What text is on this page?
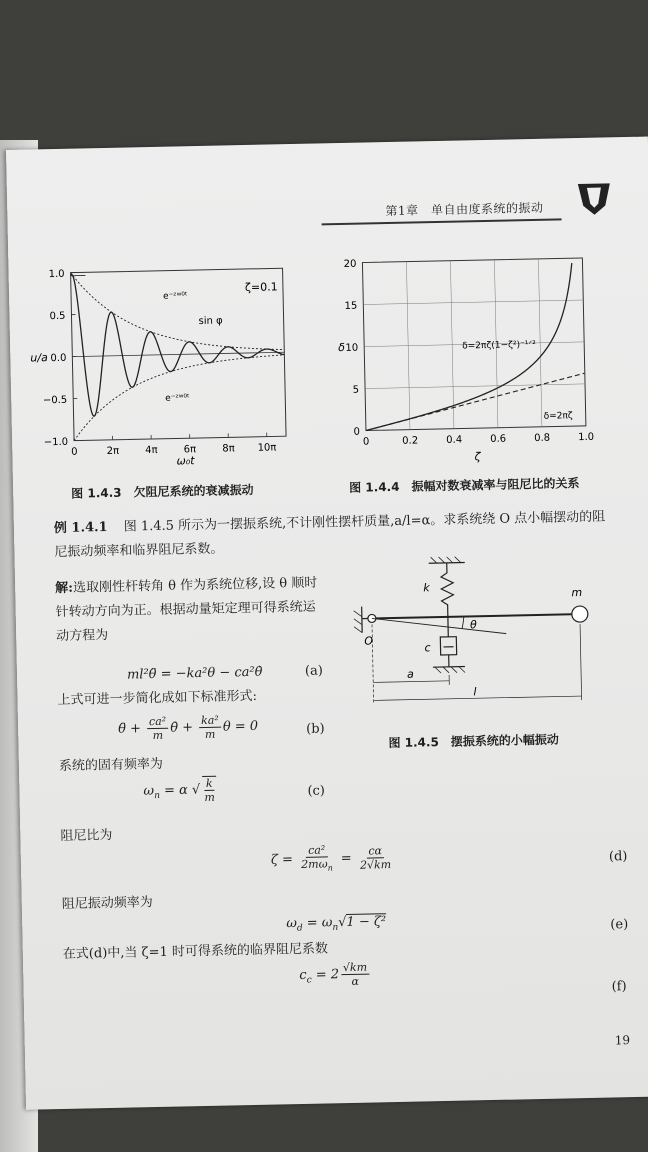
第1章　单自由度系统的振动
1.0
0.5
0.0
−0.5
−1.0
0	2π	4π	6π	8π 10π
u/a
ω₀t
ζ=0.1
e⁻ᶻʷ⁰ᵗ
e⁻ᶻʷ⁰ᵗ
sin φ
图 1.4.3　欠阻尼系统的衰减振动
20
15
10
5
0
0	0.2	0.4	0.6	0.8	1.0
δ
ζ
δ=2πζ(1−ζ²)⁻¹ᐟ²
δ=2πζ
图 1.4.4　振幅对数衰减率与阻尼比的关系
例 1.4.1 图 1.4.5 所示为一摆振系统,不计刚性摆杆质量,a/l=α。求系统绕 O 点小幅摆动的阻尼振动频率和临界阻尼系数。
解:选取刚性杆转角 θ 作为系统位移,设 θ 顺时针转动方向为正。根据动量矩定理可得系统运动方程为
ml²θ̈ = −ka²θ − ca²θ̇	(a)
上式可进一步简化成如下标准形式:
θ̈ + $\frac{\text{ca²}}{m}$ θ̇ + $\frac{\text{ka²}}{m}$ θ = 0	(b)
系统的固有频率为
$\omega_n = \alpha$ √ $\frac{k}{m}$	(c)
阻尼比为
$\zeta = \frac{\text{ca²}}{2m\omega_n} = \frac{c\alpha}{2√km}$	(d)
阻尼振动频率为
$\omega_d = \omega_n√1 - \zeta^2$	(e)
在式(d)中,当 ζ=1 时可得系统的临界阻尼系数
$c_c = 2 \frac{√km}{\alpha}$	(f)
k
c
m
O
θ
a
l
图 1.4.5　摆振系统的小幅振动
19
